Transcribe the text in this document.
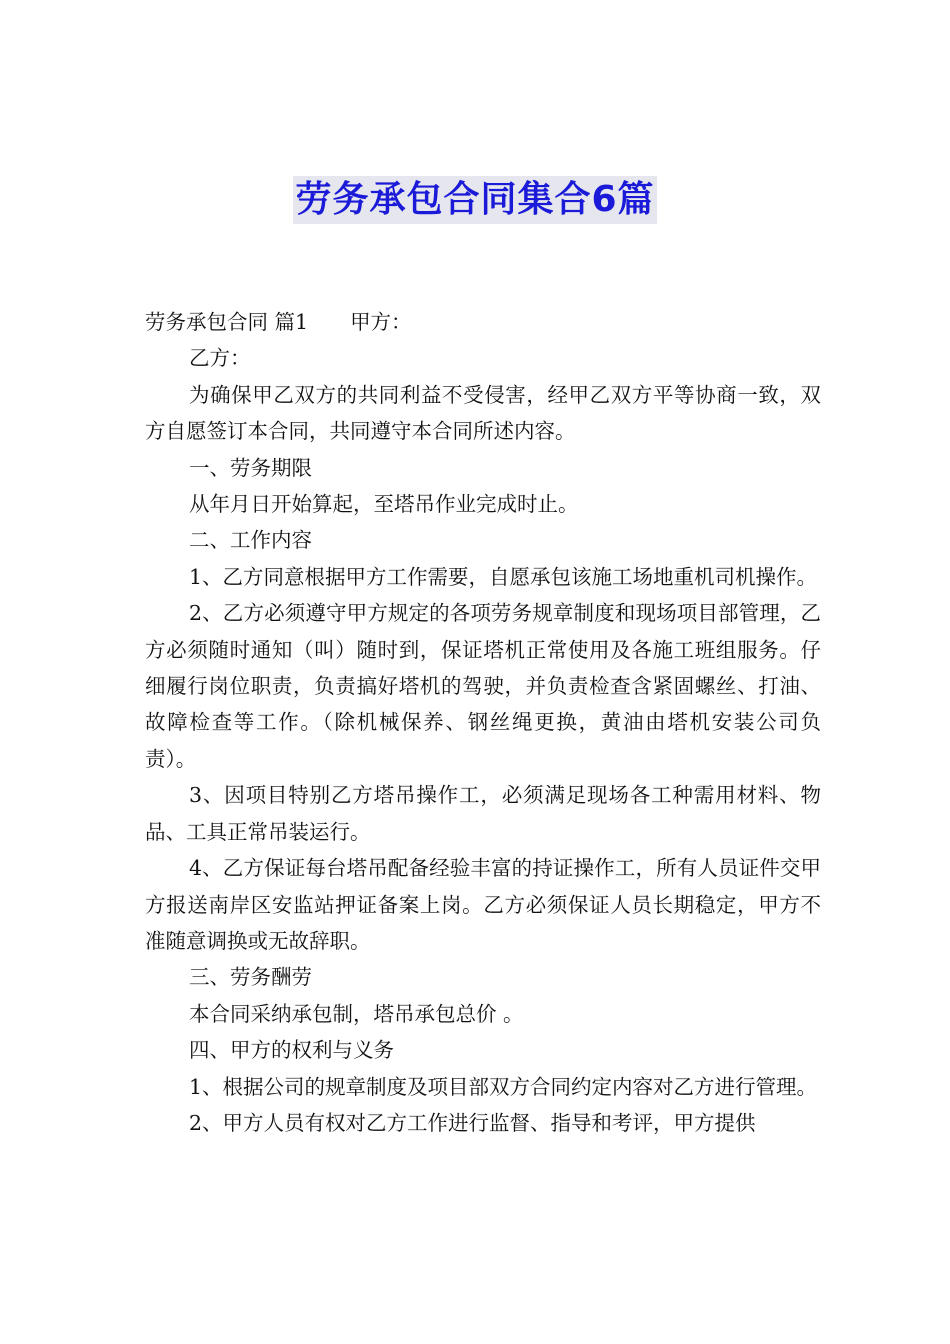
劳务承包合同集合6篇

劳务承包合同 篇1 甲方：

乙方：

为确保甲乙双方的共同利益不受侵害，经甲乙双方平等协商一致，双方自愿签订本合同，共同遵守本合同所述内容。

一、劳务期限

从年月日开始算起，至塔吊作业完成时止。

二、工作内容

1、乙方同意根据甲方工作需要，自愿承包该施工场地重机司机操作。

2、乙方必须遵守甲方规定的各项劳务规章制度和现场项目部管理，乙方必须随时通知（叫）随时到，保证塔机正常使用及各施工班组服务。仔细履行岗位职责，负责搞好塔机的驾驶，并负责检查含紧固螺丝、打油、故障检查等工作。（除机械保养、钢丝绳更换，黄油由塔机安装公司负责）。

3、因项目特别乙方塔吊操作工，必须满足现场各工种需用材料、物品、工具正常吊装运行。

4、乙方保证每台塔吊配备经验丰富的持证操作工，所有人员证件交甲方报送南岸区安监站押证备案上岗。乙方必须保证人员长期稳定，甲方不准随意调换或无故辞职。

三、劳务酬劳

本合同采纳承包制，塔吊承包总价 。

四、甲方的权利与义务

1、根据公司的规章制度及项目部双方合同约定内容对乙方进行管理。

2、甲方人员有权对乙方工作进行监督、指导和考评，甲方提供
